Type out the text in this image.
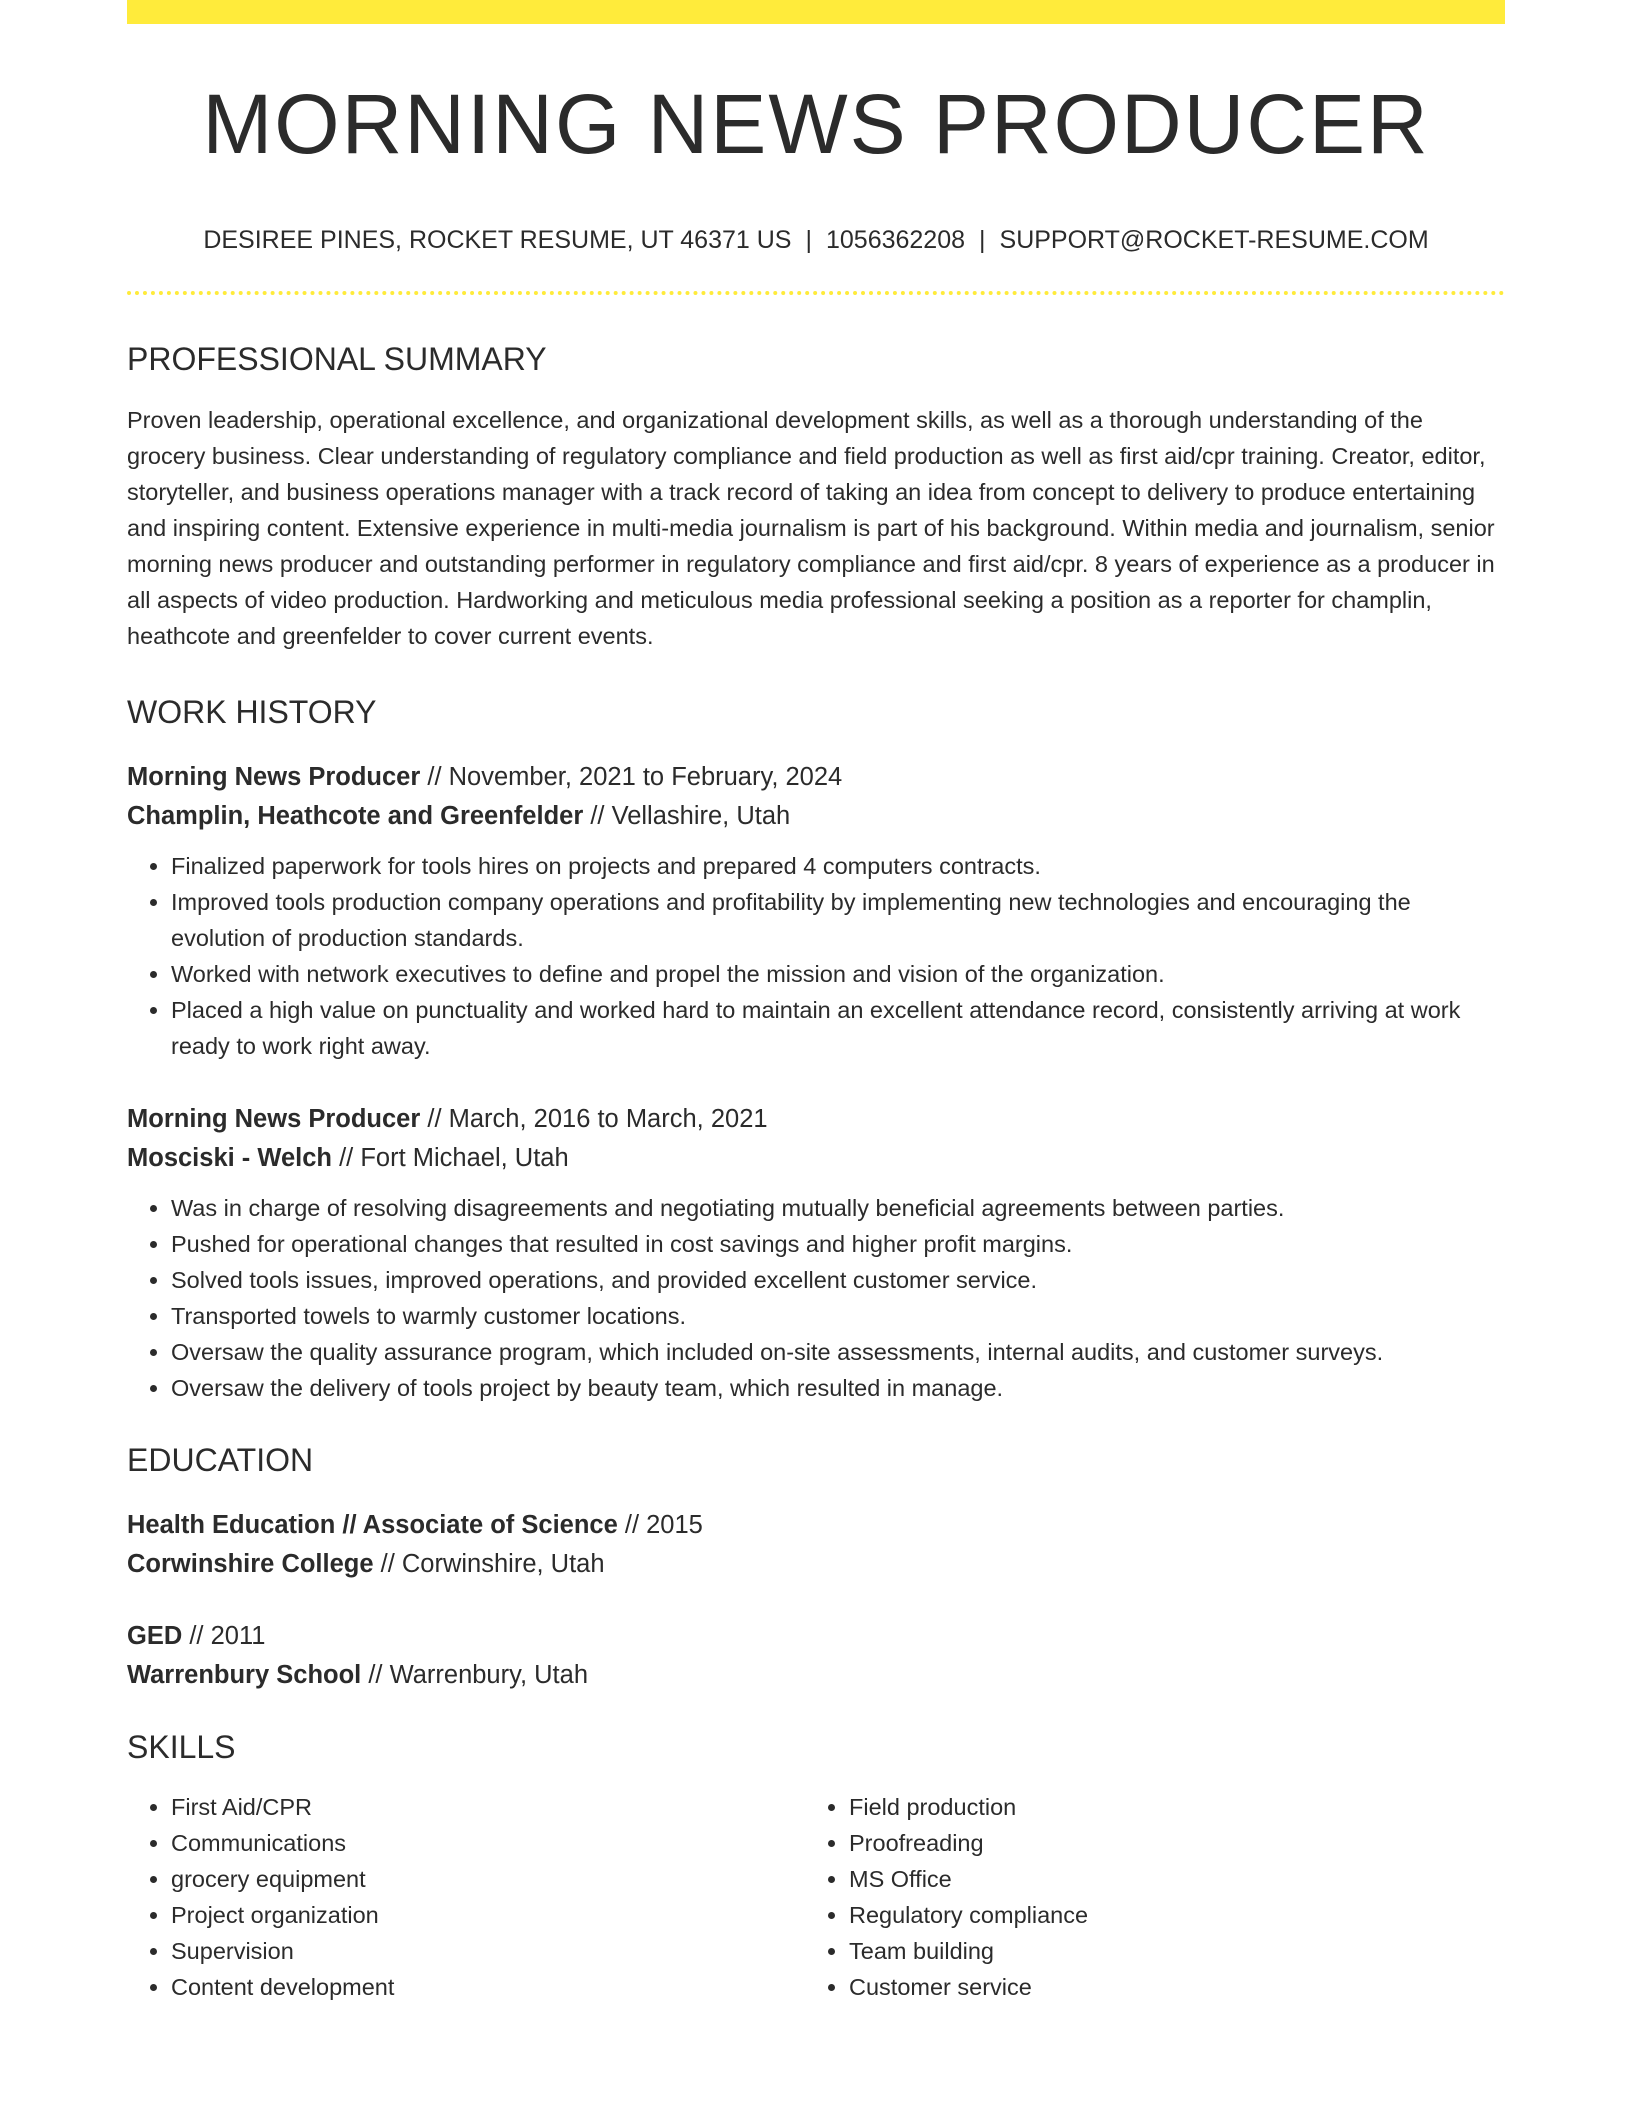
MORNING NEWS PRODUCER
DESIREE PINES, ROCKET RESUME, UT 46371 US | 1056362208 | SUPPORT@ROCKET-RESUME.COM
PROFESSIONAL SUMMARY

Proven leadership, operational excellence, and organizational development skills, as well as a thorough understanding of the grocery business. Clear understanding of regulatory compliance and field production as well as first aid/cpr training. Creator, editor, storyteller, and business operations manager with a track record of taking an idea from concept to delivery to produce entertaining and inspiring content. Extensive experience in multi-media journalism is part of his background. Within media and journalism, senior morning news producer and outstanding performer in regulatory compliance and first aid/cpr. 8 years of experience as a producer in all aspects of video production. Hardworking and meticulous media professional seeking a position as a reporter for champlin, heathcote and greenfelder to cover current events.

WORK HISTORY
Morning News Producer // November, 2021 to February, 2024
Champlin, Heathcote and Greenfelder // Vellashire, Utah
• Finalized paperwork for tools hires on projects and prepared 4 computers contracts.
• Improved tools production company operations and profitability by implementing new technologies and encouraging the evolution of production standards.
• Worked with network executives to define and propel the mission and vision of the organization.
• Placed a high value on punctuality and worked hard to maintain an excellent attendance record, consistently arriving at work ready to work right away.
Morning News Producer // March, 2016 to March, 2021
Mosciski - Welch // Fort Michael, Utah
• Was in charge of resolving disagreements and negotiating mutually beneficial agreements between parties.
• Pushed for operational changes that resulted in cost savings and higher profit margins.
• Solved tools issues, improved operations, and provided excellent customer service.
• Transported towels to warmly customer locations.
• Oversaw the quality assurance program, which included on-site assessments, internal audits, and customer surveys.
• Oversaw the delivery of tools project by beauty team, which resulted in manage.
EDUCATION
Health Education // Associate of Science // 2015
Corwinshire College // Corwinshire, Utah
GED // 2011
Warrenbury School // Warrenbury, Utah
SKILLS
• First Aid/CPR
• Communications
• grocery equipment
• Project organization
• Supervision
• Content development
• Field production
• Proofreading
• MS Office
• Regulatory compliance
• Team building
• Customer service
